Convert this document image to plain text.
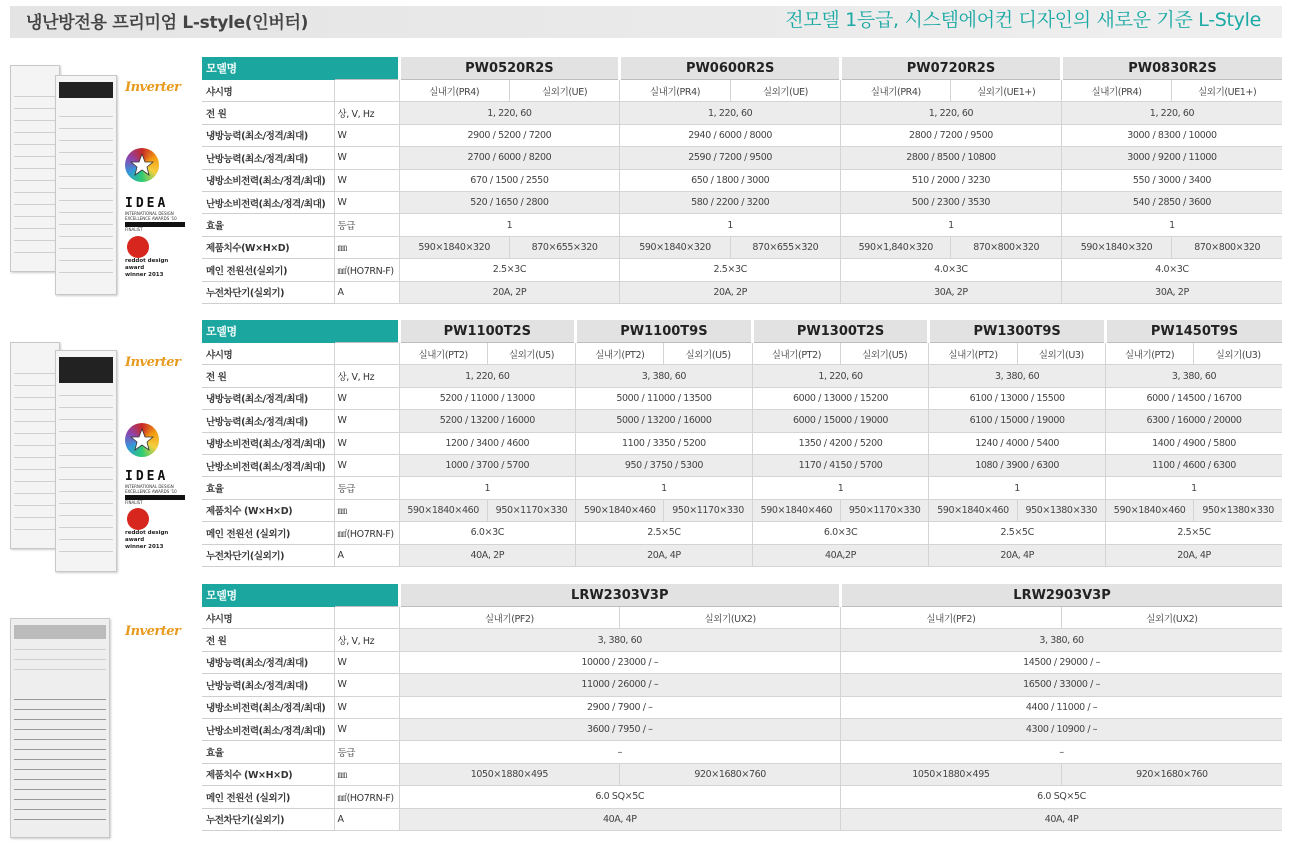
냉난방전용 프리미엄 L-style(인버터)	전모델 1등급, 시스템에어컨 디자인의 새로운 기준 L-Style
Inverter
IDEA
INTERNATIONAL DESIGN
EXCELLENCE AWARDS '10
FINALIST
reddot design award
winner 2013
모델명		PW0520R2S		PW0600R2S		PW0720R2S		PW0830R2S	
샤시명		실내기(PR4)	실외기(UE)	실내기(PR4)	실외기(UE)	실내기(PR4)	실외기(UE1+)	실내기(PR4)	실외기(UE1+)
전 원	상, V, Hz	1, 220, 60		1, 220, 60		1, 220, 60		1, 220, 60	
냉방능력(최소/정격/최대)	W	2900 / 5200 / 7200		2940 / 6000 / 8000		2800 / 7200 / 9500		3000 / 8300 / 10000	
난방능력(최소/정격/최대)	W	2700 / 6000 / 8200		2590 / 7200 / 9500		2800 / 8500 / 10800		3000 / 9200 / 11000	
냉방소비전력(최소/정격/최대)	W	670 / 1500 / 2550		650 / 1800 / 3000		510 / 2000 / 3230		550 / 3000 / 3400	
난방소비전력(최소/정격/최대)	W	520 / 1650 / 2800		580 / 2200 / 3200		500 / 2300 / 3530		540 / 2850 / 3600	
효율	등급	1		1		1		1	
제품치수(W×H×D)	㎜	590×1840×320	870×655×320	590×1840×320	870×655×320	590×1,840×320	870×800×320	590×1840×320	870×800×320
메인 전원선(실외기)	㎟(HO7RN-F)	2.5×3C		2.5×3C		4.0×3C		4.0×3C	
누전차단기(실외기)	A	20A, 2P		20A, 2P		30A, 2P		30A, 2P	
Inverter
IDEA
INTERNATIONAL DESIGN
EXCELLENCE AWARDS '10
FINALIST
reddot design award
winner 2013
모델명		PW1100T2S		PW1100T9S		PW1300T2S		PW1300T9S		PW1450T9S	
샤시명		실내기(PT2)	실외기(U5)	실내기(PT2)	실외기(U5)	실내기(PT2)	실외기(U5)	실내기(PT2)	실외기(U3)	실내기(PT2)	실외기(U3)
전 원	상, V, Hz	1, 220, 60		3, 380, 60		1, 220, 60		3, 380, 60		3, 380, 60	
냉방능력(최소/정격/최대)	W	5200 / 11000 / 13000		5000 / 11000 / 13500		6000 / 13000 / 15200		6100 / 13000 / 15500		6000 / 14500 / 16700	
난방능력(최소/정격/최대)	W	5200 / 13200 / 16000		5000 / 13200 / 16000		6000 / 15000 / 19000		6100 / 15000 / 19000		6300 / 16000 / 20000	
냉방소비전력(최소/정격/최대)	W	1200 / 3400 / 4600		1100 / 3350 / 5200		1350 / 4200 / 5200		1240 / 4000 / 5400		1400 / 4900 / 5800	
난방소비전력(최소/정격/최대)	W	1000 / 3700 / 5700		950 / 3750 / 5300		1170 / 4150 / 5700		1080 / 3900 / 6300		1100 / 4600 / 6300	
효율	등급	1		1		1		1		1	
제품치수 (W×H×D)	㎜	590×1840×460	950×1170×330	590×1840×460	950×1170×330	590×1840×460	950×1170×330	590×1840×460	950×1380×330	590×1840×460	950×1380×330
메인 전원선 (실외기)	㎟(HO7RN-F)	6.0×3C		2.5×5C		6.0×3C		2.5×5C		2.5×5C	
누전차단기(실외기)	A	40A, 2P		20A, 4P		40A,2P		20A, 4P		20A, 4P	
Inverter
모델명		LRW2303V3P		LRW2903V3P	
샤시명		실내기(PF2)	실외기(UX2)	실내기(PF2)	실외기(UX2)
전 원	상, V, Hz	3, 380, 60		3, 380, 60	
냉방능력(최소/정격/최대)	W	10000 / 23000 / –		14500 / 29000 / –	
난방능력(최소/정격/최대)	W	11000 / 26000 / –		16500 / 33000 / –	
냉방소비전력(최소/정격/최대)	W	2900 / 7900 / –		4400 / 11000 / –	
난방소비전력(최소/정격/최대)	W	3600 / 7950 / –		4300 / 10900 / –	
효율	등급	–		–	
제품치수 (W×H×D)	㎜	1050×1880×495	920×1680×760	1050×1880×495	920×1680×760
메인 전원선 (실외기)	㎟(HO7RN-F)	6.0 SQ×5C		6.0 SQ×5C	
누전차단기(실외기)	A	40A, 4P		40A, 4P	
